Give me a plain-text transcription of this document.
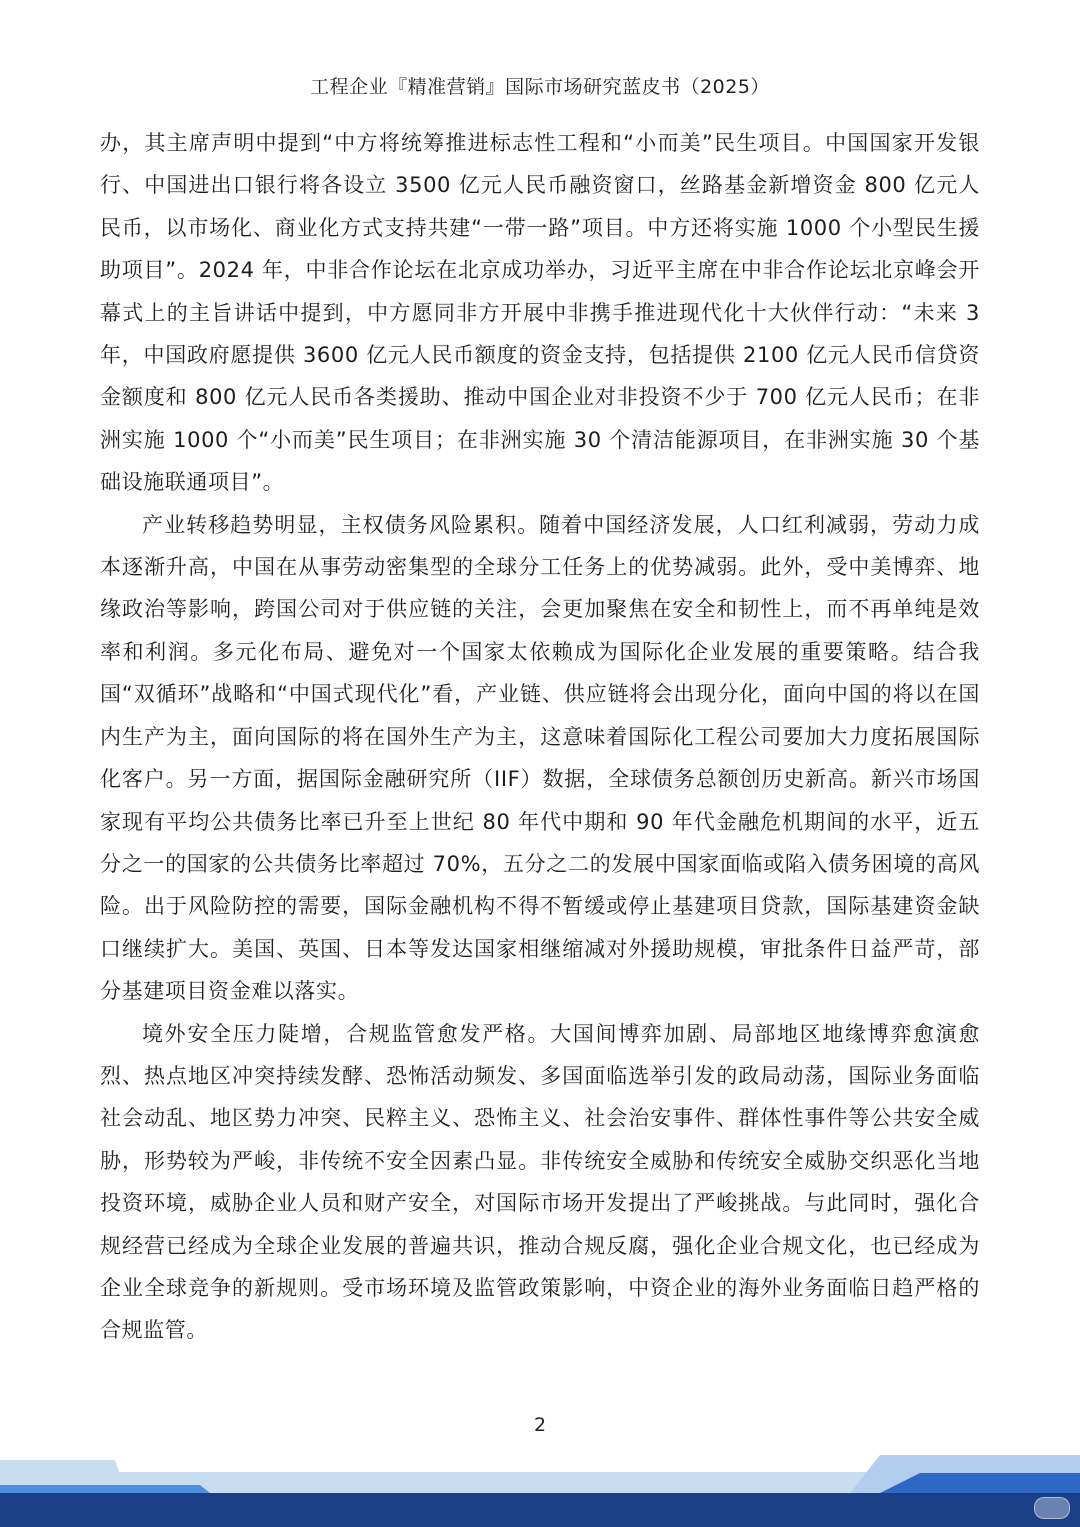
工程企业『精准营销』国际市场研究蓝皮书（2025）

办，其主席声明中提到“中方将统筹推进标志性工程和“小而美”民生项目。中国国家开发银行、中国进出口银行将各设立 3500 亿元人民币融资窗口，丝路基金新增资金 800 亿元人民币，以市场化、商业化方式支持共建“一带一路”项目。中方还将实施 1000 个小型民生援助项目”。2024 年，中非合作论坛在北京成功举办，习近平主席在中非合作论坛北京峰会开幕式上的主旨讲话中提到，中方愿同非方开展中非携手推进现代化十大伙伴行动：“未来 3 年，中国政府愿提供 3600 亿元人民币额度的资金支持，包括提供 2100 亿元人民币信贷资金额度和 800 亿元人民币各类援助、推动中国企业对非投资不少于 700 亿元人民币；在非洲实施 1000 个“小而美”民生项目；在非洲实施 30 个清洁能源项目，在非洲实施 30 个基础设施联通项目”。

产业转移趋势明显，主权债务风险累积。随着中国经济发展，人口红利减弱，劳动力成本逐渐升高，中国在从事劳动密集型的全球分工任务上的优势减弱。此外，受中美博弈、地缘政治等影响，跨国公司对于供应链的关注，会更加聚焦在安全和韧性上，而不再单纯是效率和利润。多元化布局、避免对一个国家太依赖成为国际化企业发展的重要策略。结合我国“双循环”战略和“中国式现代化”看，产业链、供应链将会出现分化，面向中国的将以在国内生产为主，面向国际的将在国外生产为主，这意味着国际化工程公司要加大力度拓展国际化客户。另一方面，据国际金融研究所（IIF）数据，全球债务总额创历史新高。新兴市场国家现有平均公共债务比率已升至上世纪 80 年代中期和 90 年代金融危机期间的水平，近五分之一的国家的公共债务比率超过 70%，五分之二的发展中国家面临或陷入债务困境的高风险。出于风险防控的需要，国际金融机构不得不暂缓或停止基建项目贷款，国际基建资金缺口继续扩大。美国、英国、日本等发达国家相继缩减对外援助规模，审批条件日益严苛，部分基建项目资金难以落实。

境外安全压力陡增，合规监管愈发严格。大国间博弈加剧、局部地区地缘博弈愈演愈烈、热点地区冲突持续发酵、恐怖活动频发、多国面临选举引发的政局动荡，国际业务面临社会动乱、地区势力冲突、民粹主义、恐怖主义、社会治安事件、群体性事件等公共安全威胁，形势较为严峻，非传统不安全因素凸显。非传统安全威胁和传统安全威胁交织恶化当地投资环境，威胁企业人员和财产安全，对国际市场开发提出了严峻挑战。与此同时，强化合规经营已经成为全球企业发展的普遍共识，推动合规反腐，强化企业合规文化，也已经成为企业全球竞争的新规则。受市场环境及监管政策影响，中资企业的海外业务面临日趋严格的合规监管。

2
